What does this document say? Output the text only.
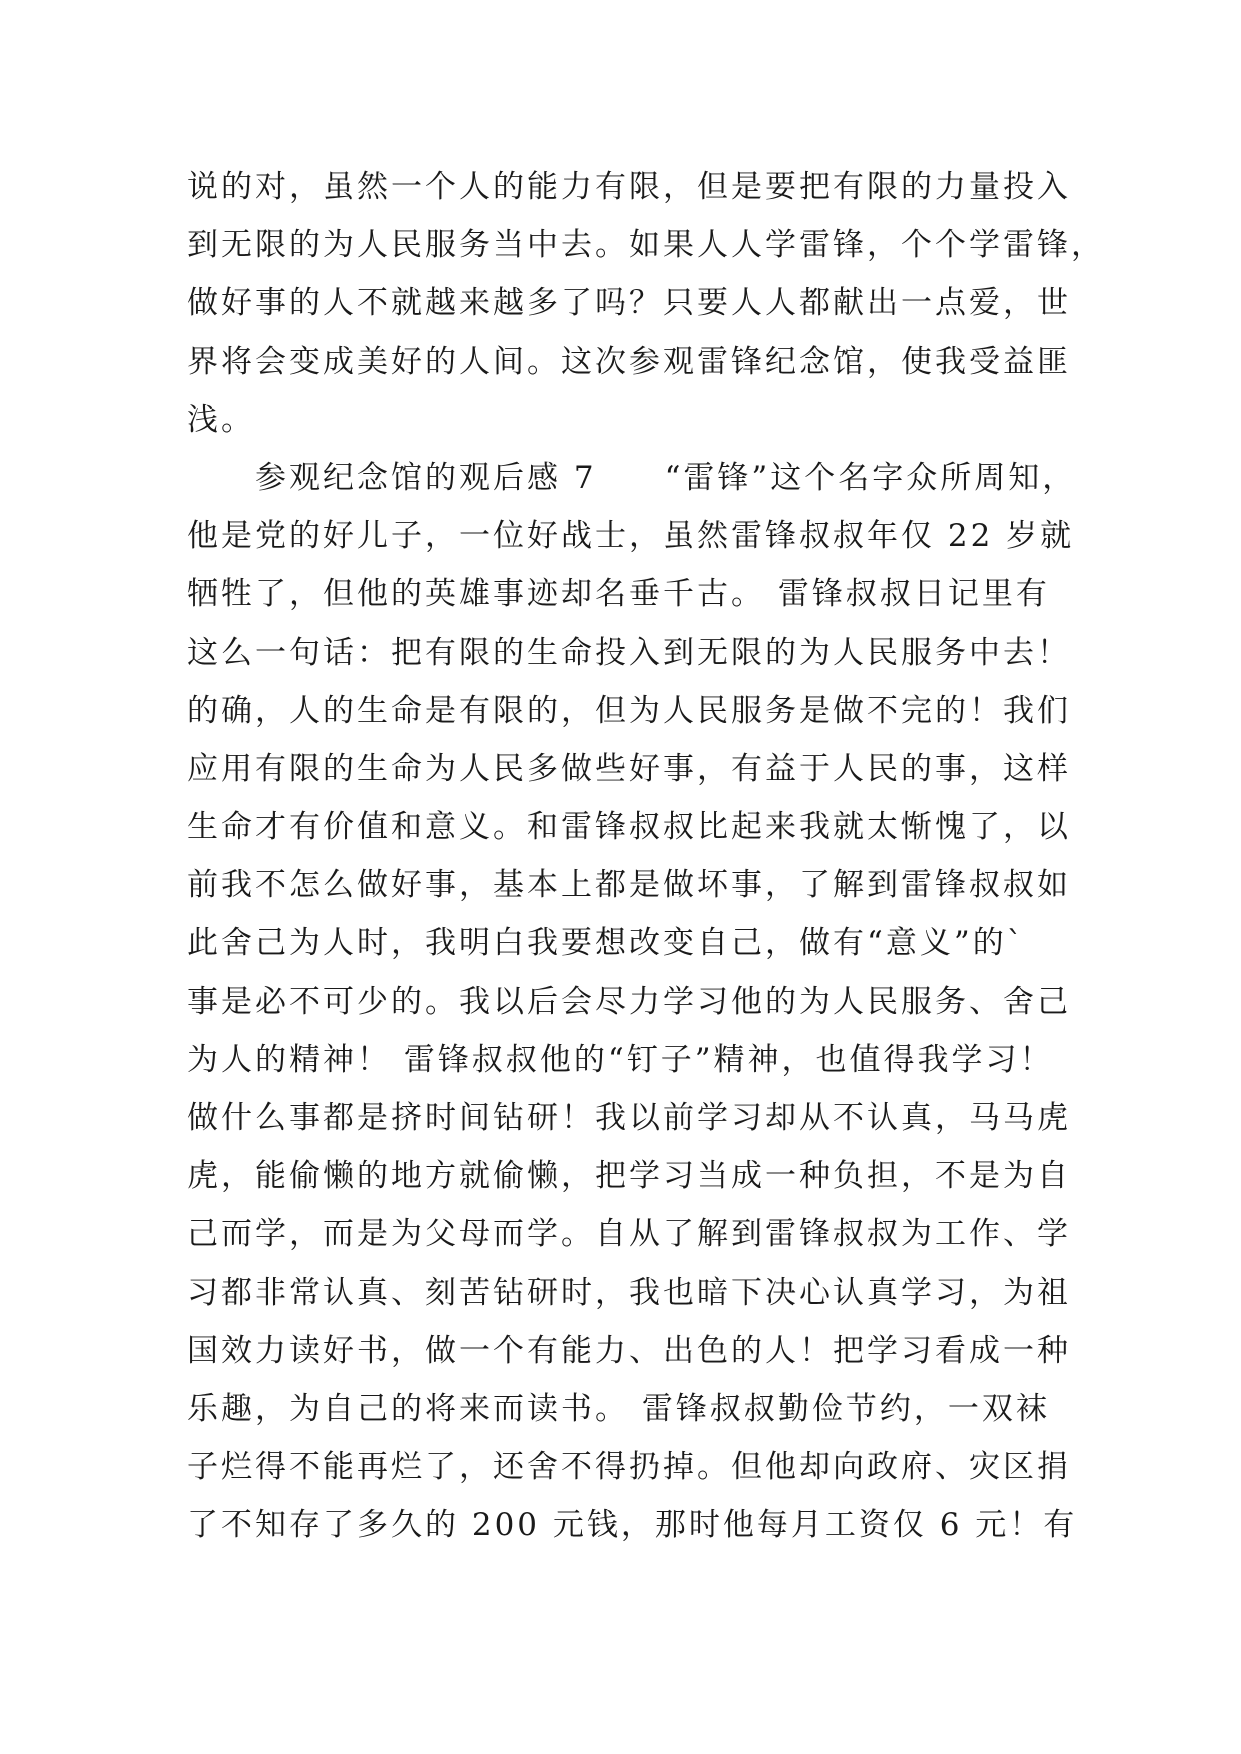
说的对，虽然一个人的能力有限，但是要把有限的力量投入
到无限的为人民服务当中去。如果人人学雷锋，个个学雷锋，
做好事的人不就越来越多了吗？只要人人都献出一点爱，世
界将会变成美好的人间。这次参观雷锋纪念馆，使我受益匪
浅。
　　参观纪念馆的观后感 7　　“雷锋”这个名字众所周知，
他是党的好儿子，一位好战士，虽然雷锋叔叔年仅 22 岁就
牺牲了，但他的英雄事迹却名垂千古。 雷锋叔叔日记里有
这么一句话：把有限的生命投入到无限的为人民服务中去！
的确，人的生命是有限的，但为人民服务是做不完的！我们
应用有限的生命为人民多做些好事，有益于人民的事，这样
生命才有价值和意义。和雷锋叔叔比起来我就太惭愧了，以
前我不怎么做好事，基本上都是做坏事，了解到雷锋叔叔如
此舍己为人时，我明白我要想改变自己，做有“意义”的`
事是必不可少的。我以后会尽力学习他的为人民服务、舍己
为人的精神！ 雷锋叔叔他的“钉子”精神，也值得我学习！
做什么事都是挤时间钻研！我以前学习却从不认真，马马虎
虎，能偷懒的地方就偷懒，把学习当成一种负担，不是为自
己而学，而是为父母而学。自从了解到雷锋叔叔为工作、学
习都非常认真、刻苦钻研时，我也暗下决心认真学习，为祖
国效力读好书，做一个有能力、出色的人！把学习看成一种
乐趣，为自己的将来而读书。 雷锋叔叔勤俭节约，一双袜
子烂得不能再烂了，还舍不得扔掉。但他却向政府、灾区捐
了不知存了多久的 200 元钱，那时他每月工资仅 6 元！有
